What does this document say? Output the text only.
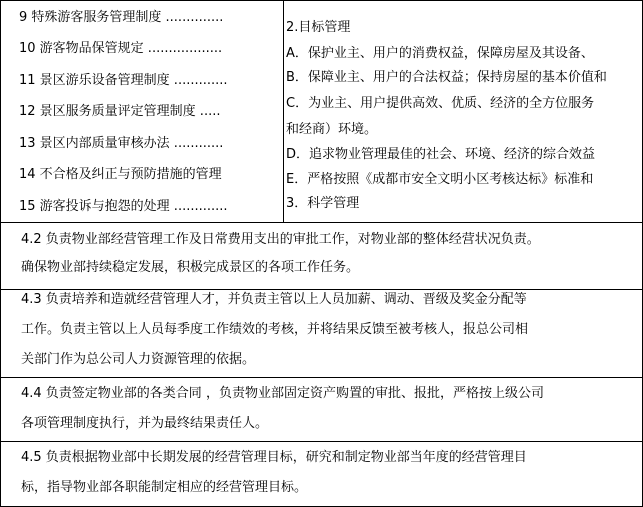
9 特殊游客服务管理制度 ..............
10 游客物品保管规定 ..................
11 景区游乐设备管理制度 .............
12 景区服务质量评定管理制度 .....
13 景区内部质量审核办法 ............
14 不合格及纠正与预防措施的管理
15 游客投诉与抱怨的处理 .............
2.目标管理
A．保护业主、用户的消费权益，保障房屋及其设备、
B．保障业主、用户的合法权益；保持房屋的基本价值和
C．为业主、用户提供高效、优质、经济的全方位服务
和经商）环境。
D．追求物业管理最佳的社会、环境、经济的综合效益
E．严格按照《成都市安全文明小区考核达标》标准和
3．科学管理
4.2 负责物业部经营管理工作及日常费用支出的审批工作，对物业部的整体经营状况负责。
确保物业部持续稳定发展，积极完成景区的各项工作任务。
4.3 负责培养和造就经营管理人才，并负责主管以上人员加薪、调动、晋级及奖金分配等
工作。负责主管以上人员每季度工作绩效的考核，并将结果反馈至被考核人，报总公司相
关部门作为总公司人力资源管理的依据。
4.4 负责签定物业部的各类合同 ，负责物业部固定资产购置的审批、报批，严格按上级公司
各项管理制度执行，并为最终结果责任人。
4.5 负责根据物业部中长期发展的经营管理目标，研究和制定物业部当年度的经营管理目
标，指导物业部各职能制定相应的经营管理目标。
